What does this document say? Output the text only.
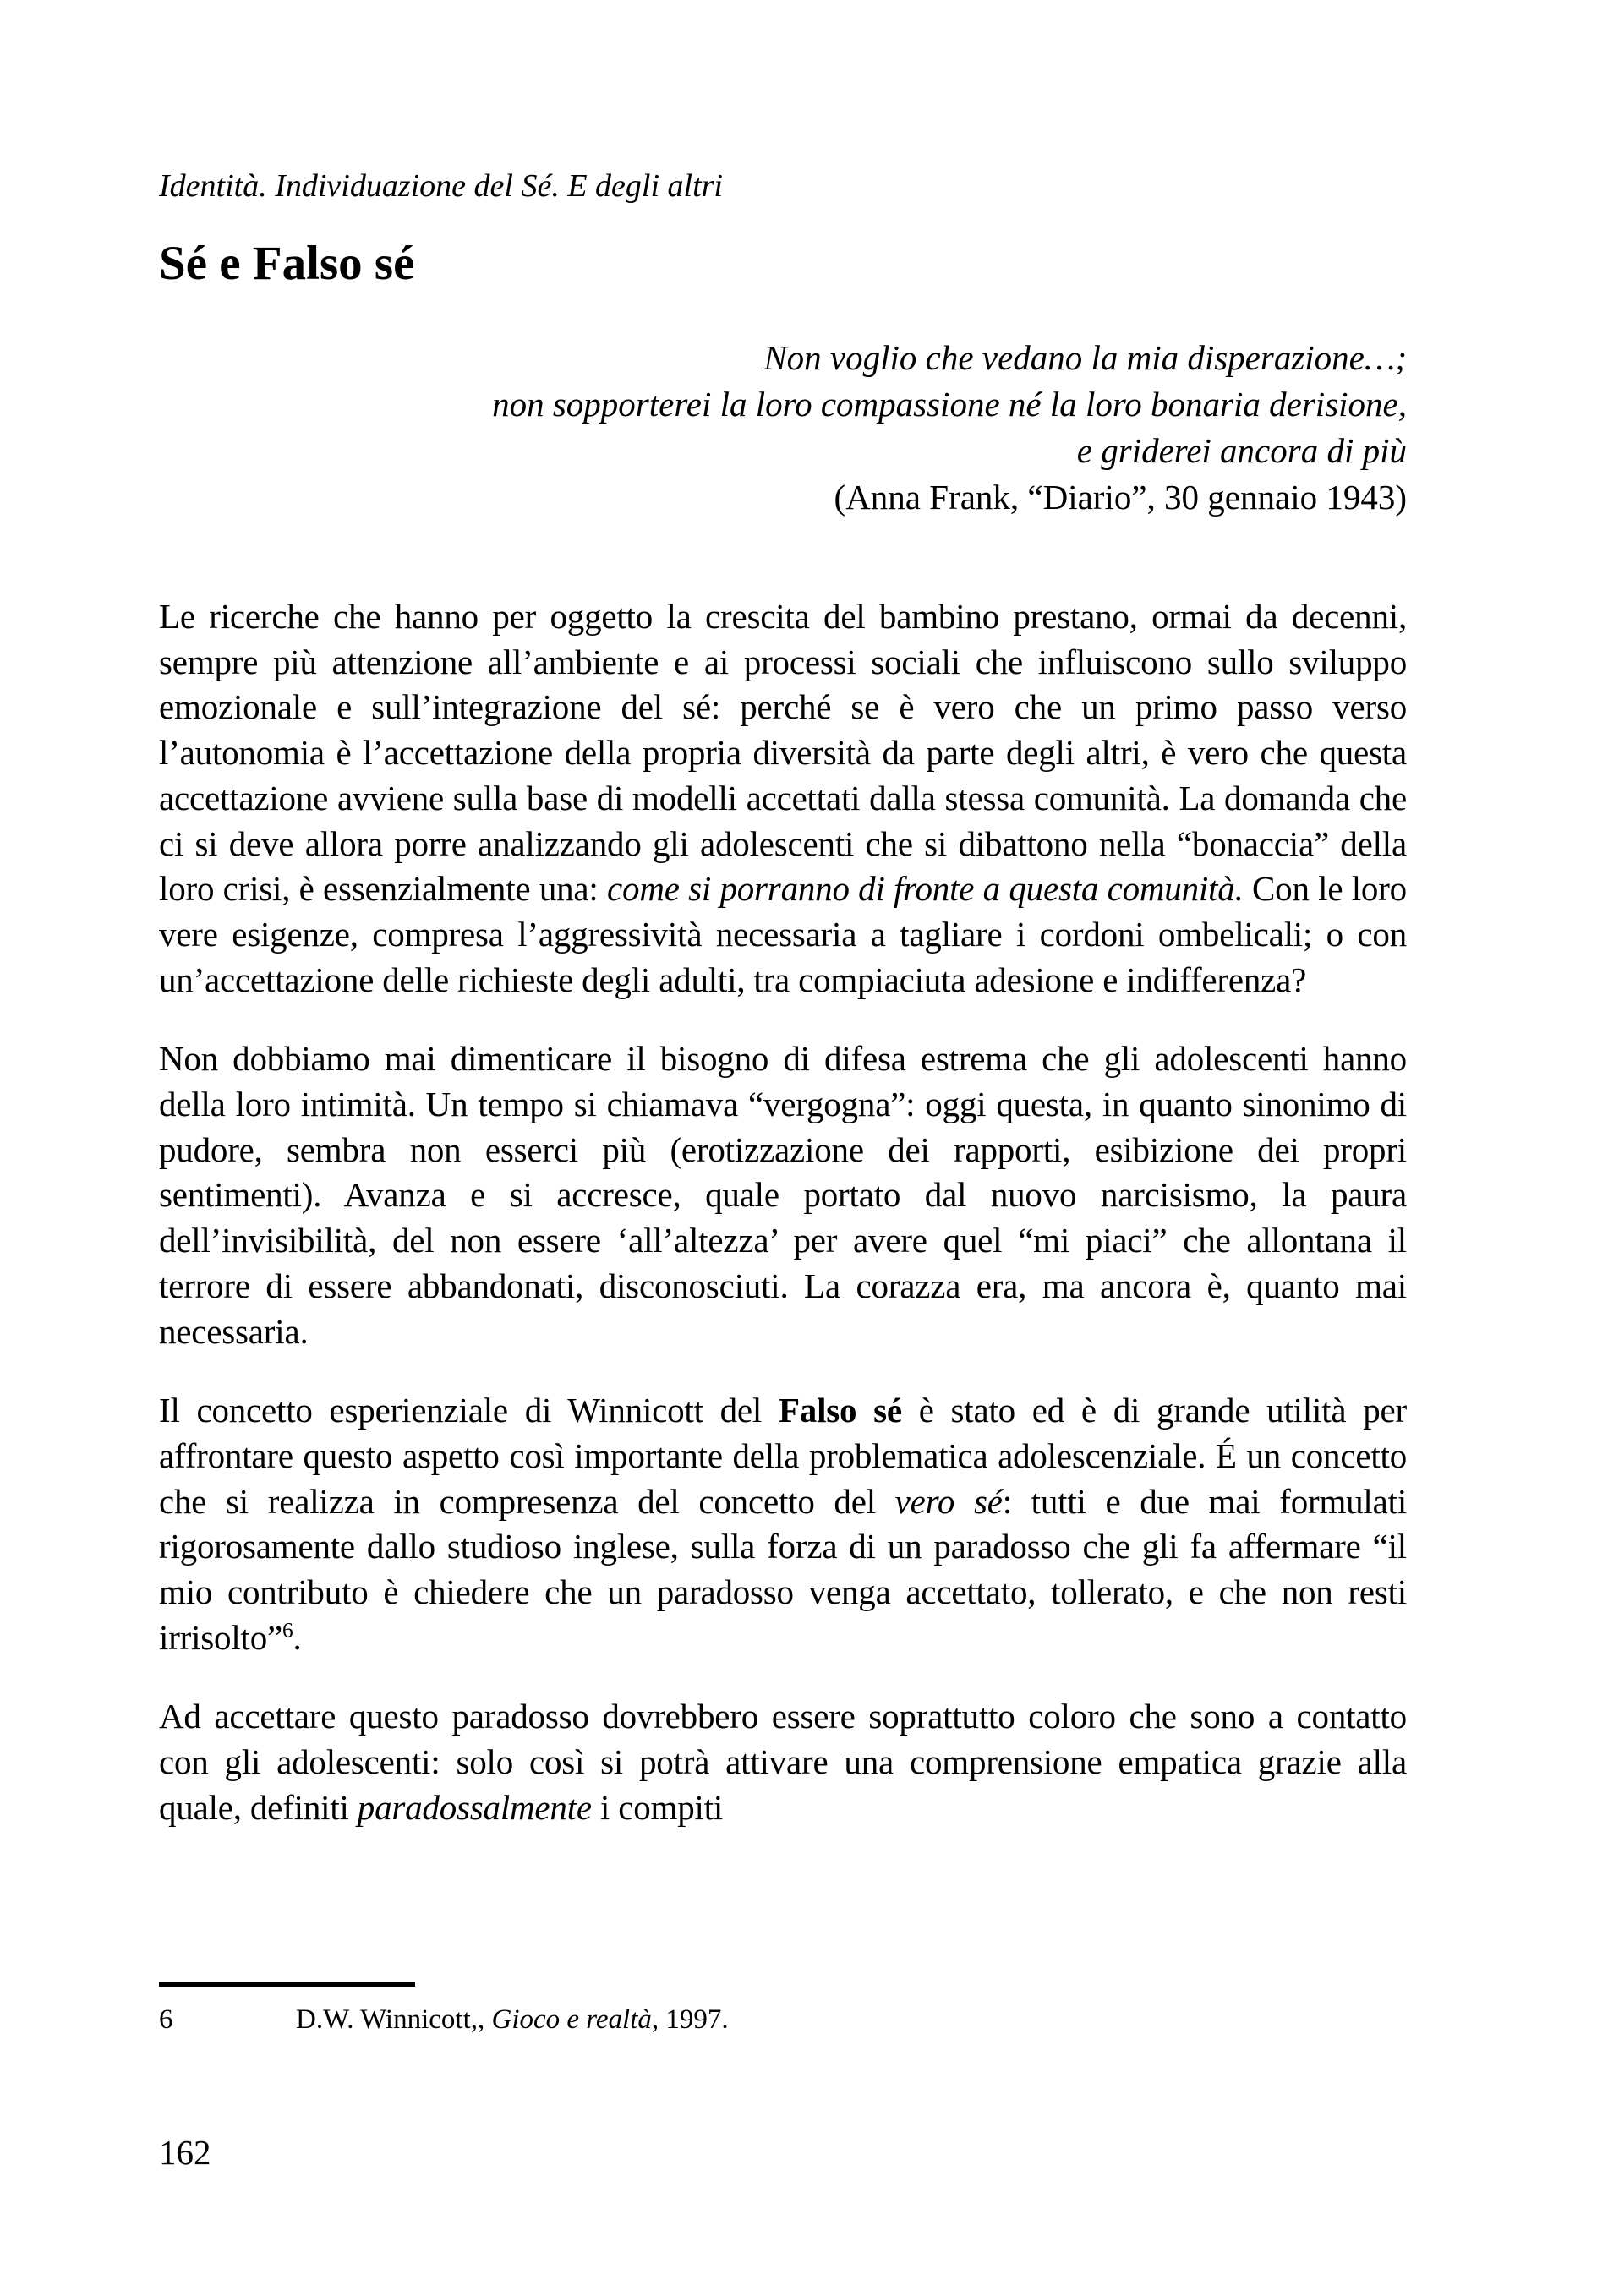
Identità. Individuazione del Sé. E degli altri
Sé e Falso sé
Non voglio che vedano la mia disperazione…;
non sopporterei la loro compassione né la loro bonaria derisione,
e griderei ancora di più
(Anna Frank, “Diario”, 30 gennaio 1943)

Le ricerche che hanno per oggetto la crescita del bambino prestano, ormai da decenni, sempre più attenzione all’ambiente e ai processi sociali che influiscono sullo sviluppo emozionale e sull’integrazione del sé: perché se è vero che un primo passo verso l’autonomia è l’accettazione della propria diversità da parte degli altri, è vero che questa accettazione avviene sulla base di modelli accettati dalla stessa comunità. La domanda che ci si deve allora porre analizzando gli adolescenti che si dibattono nella “bonaccia” della loro crisi, è essenzialmente una: come si porranno di fronte a questa comunità. Con le loro vere esigenze, compresa l’aggressività necessaria a tagliare i cordoni ombelicali; o con un’accettazione delle richieste degli adulti, tra compiaciuta adesione e indifferenza?

Non dobbiamo mai dimenticare il bisogno di difesa estrema che gli adolescenti hanno della loro intimità. Un tempo si chiamava “vergogna”: oggi questa, in quanto sinonimo di pudore, sembra non esserci più (erotizzazione dei rapporti, esibizione dei propri sentimenti). Avanza e si accresce, quale portato dal nuovo narcisismo, la paura dell’invisibilità, del non essere ‘all’altezza’ per avere quel “mi piaci” che allontana il terrore di essere abbandonati, disconosciuti. La corazza era, ma ancora è, quanto mai necessaria.

Il concetto esperienziale di Winnicott del Falso sé è stato ed è di grande utilità per affrontare questo aspetto così importante della problematica adolescenziale. É un concetto che si realizza in compresenza del concetto del vero sé: tutti e due mai formulati rigorosamente dallo studioso inglese, sulla forza di un paradosso che gli fa affermare “il mio contributo è chiedere che un paradosso venga accettato, tollerato, e che non resti irrisolto”$^6$.

Ad accettare questo paradosso dovrebbero essere soprattutto coloro che sono a contatto con gli adolescenti: solo così si potrà attivare una comprensione empatica grazie alla quale, definiti paradossalmente i compiti

6	D.W. Winnicott,, Gioco e realtà, 1997.
162
